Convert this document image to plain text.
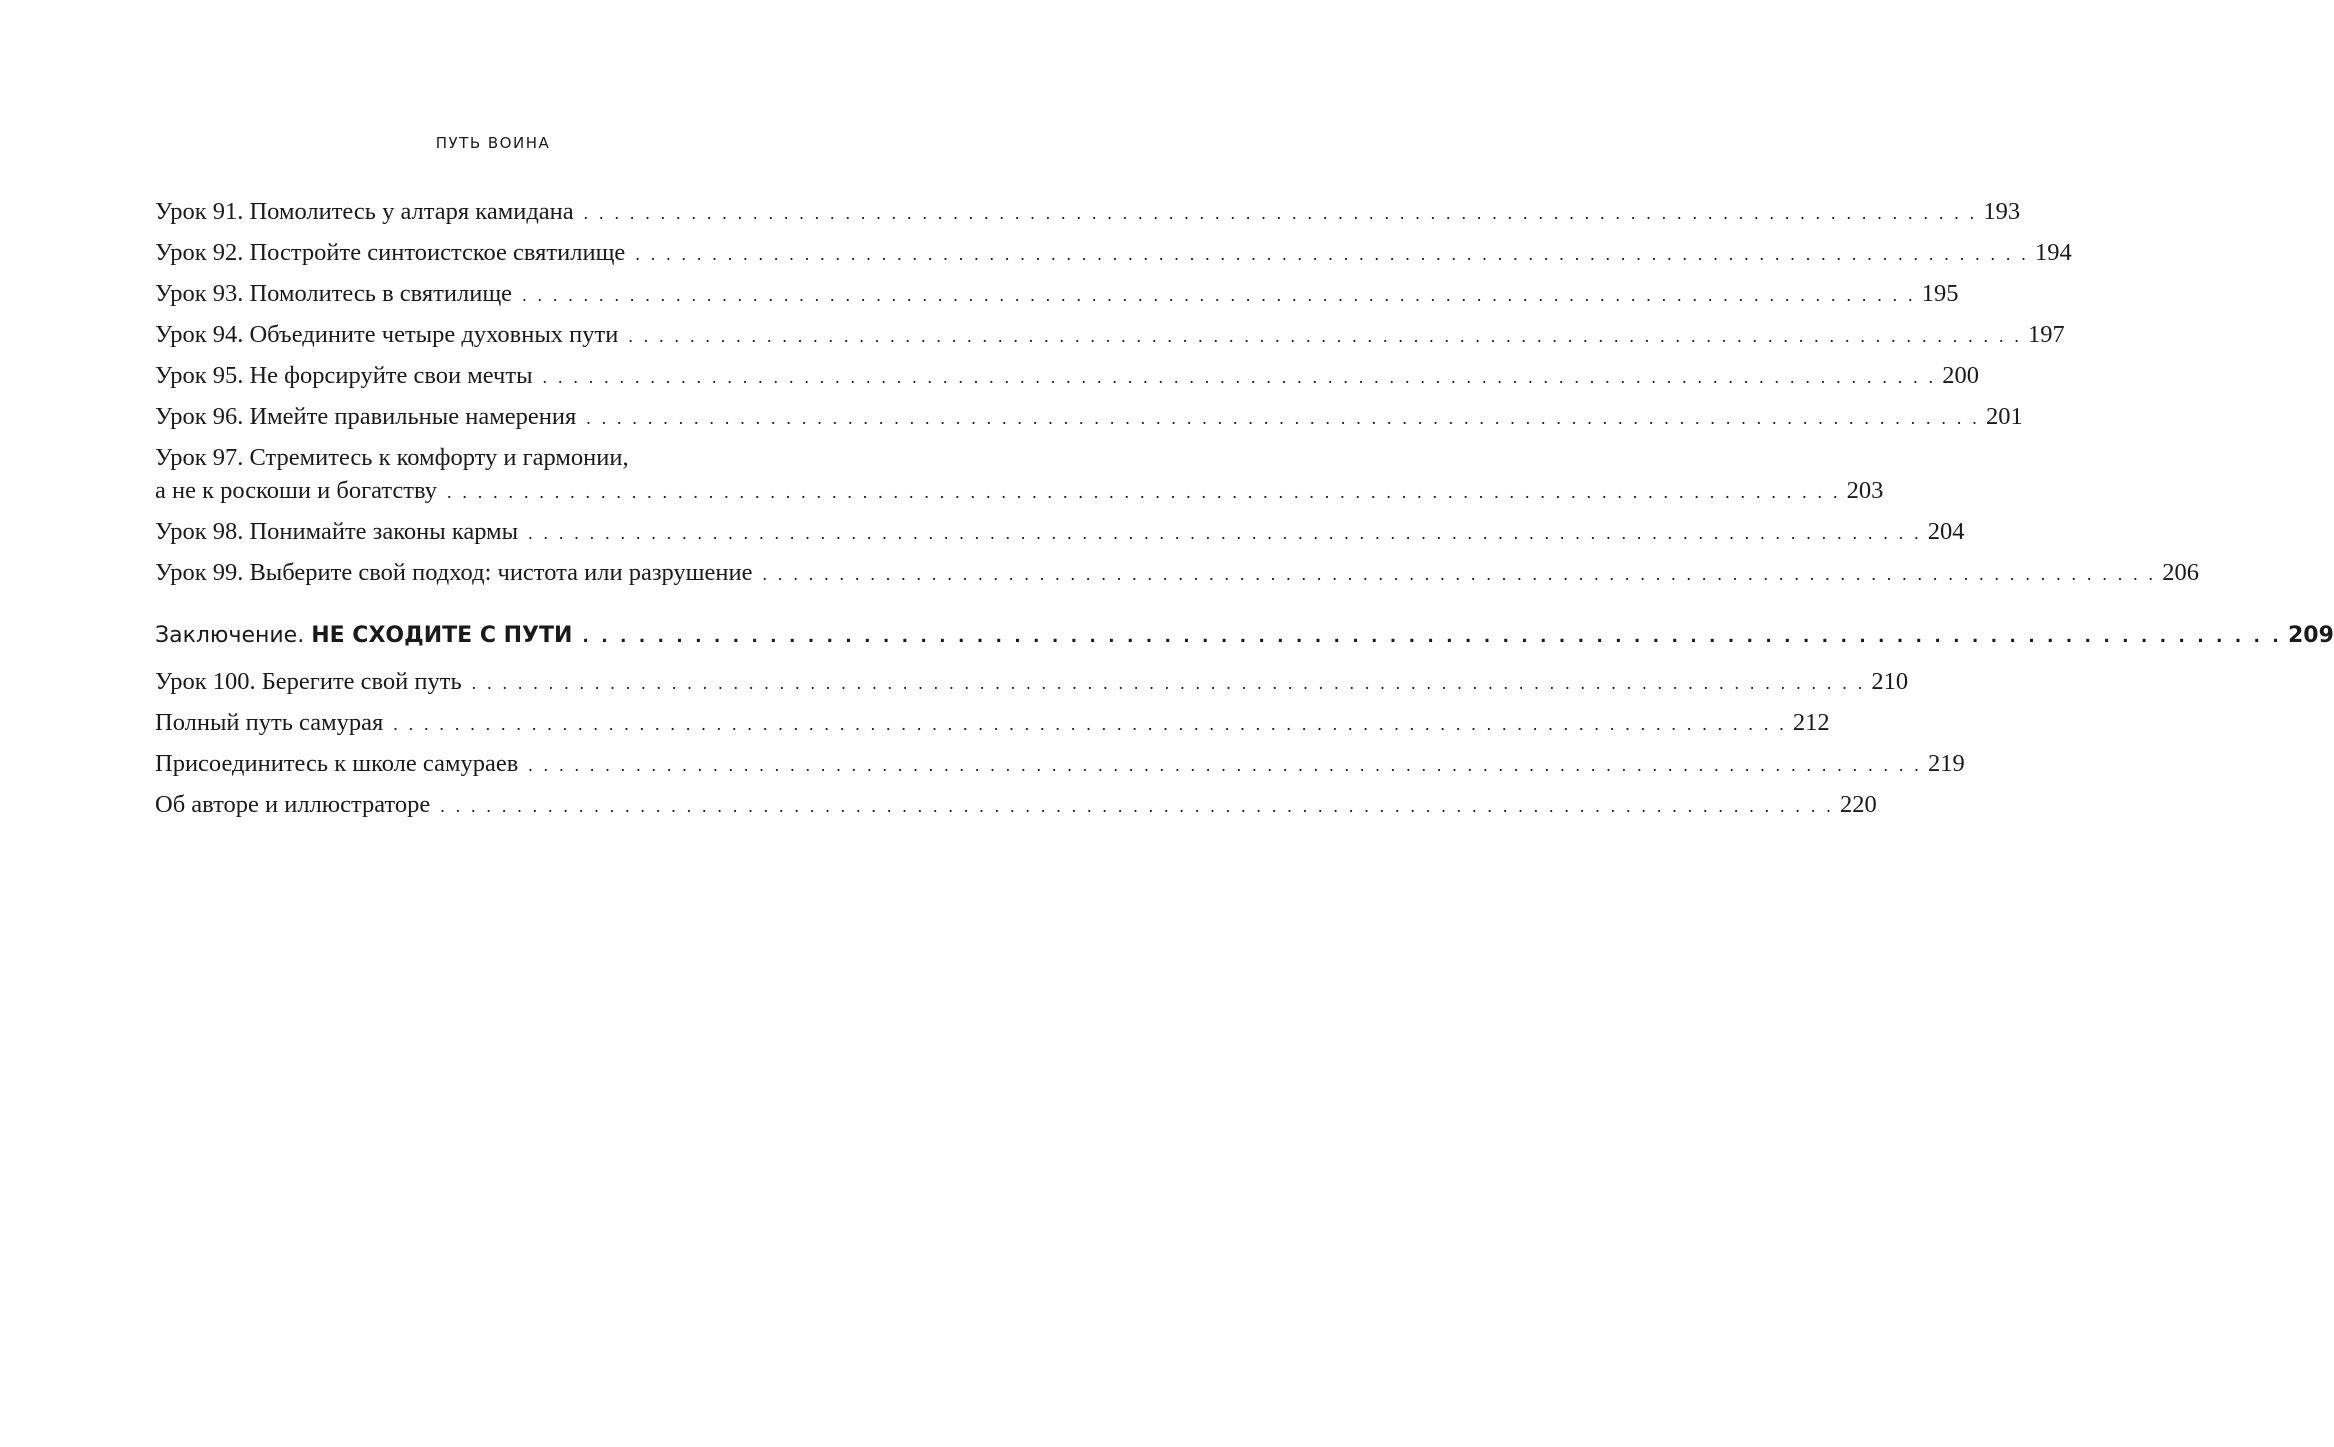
ПУТЬ ВОИНА
Урок 91. Помолитесь у алтаря камидана . . . . . . . . . . . . . . . . . . . . . . . . . . . . . . . . . . . . . . . . . . . . . . . . . . . . . . . . . . . . . . . . . . . . . . . . . . . . . . . . . . . . . . . . . . . 193
Урок 92. Постройте синтоистское святилище . . . . . . . . . . . . . . . . . . . . . . . . . . . . . . . . . . . . . . . . . . . . . . . . . . . . . . . . . . . . . . . . . . . . . . . . . . . . . . . . . . . . . . . . . . . 194
Урок 93. Помолитесь в святилище . . . . . . . . . . . . . . . . . . . . . . . . . . . . . . . . . . . . . . . . . . . . . . . . . . . . . . . . . . . . . . . . . . . . . . . . . . . . . . . . . . . . . . . . . . . 195
Урок 94. Объедините четыре духовных пути . . . . . . . . . . . . . . . . . . . . . . . . . . . . . . . . . . . . . . . . . . . . . . . . . . . . . . . . . . . . . . . . . . . . . . . . . . . . . . . . . . . . . . . . . . . 197
Урок 95. Не форсируйте свои мечты . . . . . . . . . . . . . . . . . . . . . . . . . . . . . . . . . . . . . . . . . . . . . . . . . . . . . . . . . . . . . . . . . . . . . . . . . . . . . . . . . . . . . . . . . . . 200
Урок 96. Имейте правильные намерения . . . . . . . . . . . . . . . . . . . . . . . . . . . . . . . . . . . . . . . . . . . . . . . . . . . . . . . . . . . . . . . . . . . . . . . . . . . . . . . . . . . . . . . . . . . 201
Урок 97. Стремитесь к комфорту и гармонии,
а не к роскоши и богатству . . . . . . . . . . . . . . . . . . . . . . . . . . . . . . . . . . . . . . . . . . . . . . . . . . . . . . . . . . . . . . . . . . . . . . . . . . . . . . . . . . . . . . . . . . . 203
Урок 98. Понимайте законы кармы . . . . . . . . . . . . . . . . . . . . . . . . . . . . . . . . . . . . . . . . . . . . . . . . . . . . . . . . . . . . . . . . . . . . . . . . . . . . . . . . . . . . . . . . . . . 204
Урок 99. Выберите свой подход: чистота или разрушение . . . . . . . . . . . . . . . . . . . . . . . . . . . . . . . . . . . . . . . . . . . . . . . . . . . . . . . . . . . . . . . . . . . . . . . . . . . . . . . . . . . . . . . . . . . 206
Заключение. НЕ СХОДИТЕ С ПУТИ . . . . . . . . . . . . . . . . . . . . . . . . . . . . . . . . . . . . . . . . . . . . . . . . . . . . . . . . . . . . . . . . . . . . . . . . . . . . . . . . . . . . . . . . . . . 209
Урок 100. Берегите свой путь . . . . . . . . . . . . . . . . . . . . . . . . . . . . . . . . . . . . . . . . . . . . . . . . . . . . . . . . . . . . . . . . . . . . . . . . . . . . . . . . . . . . . . . . . . . 210
Полный путь самурая . . . . . . . . . . . . . . . . . . . . . . . . . . . . . . . . . . . . . . . . . . . . . . . . . . . . . . . . . . . . . . . . . . . . . . . . . . . . . . . . . . . . . . . . . . . 212
Присоединитесь к школе самураев . . . . . . . . . . . . . . . . . . . . . . . . . . . . . . . . . . . . . . . . . . . . . . . . . . . . . . . . . . . . . . . . . . . . . . . . . . . . . . . . . . . . . . . . . . . 219
Об авторе и иллюстраторе . . . . . . . . . . . . . . . . . . . . . . . . . . . . . . . . . . . . . . . . . . . . . . . . . . . . . . . . . . . . . . . . . . . . . . . . . . . . . . . . . . . . . . . . . . . 220
